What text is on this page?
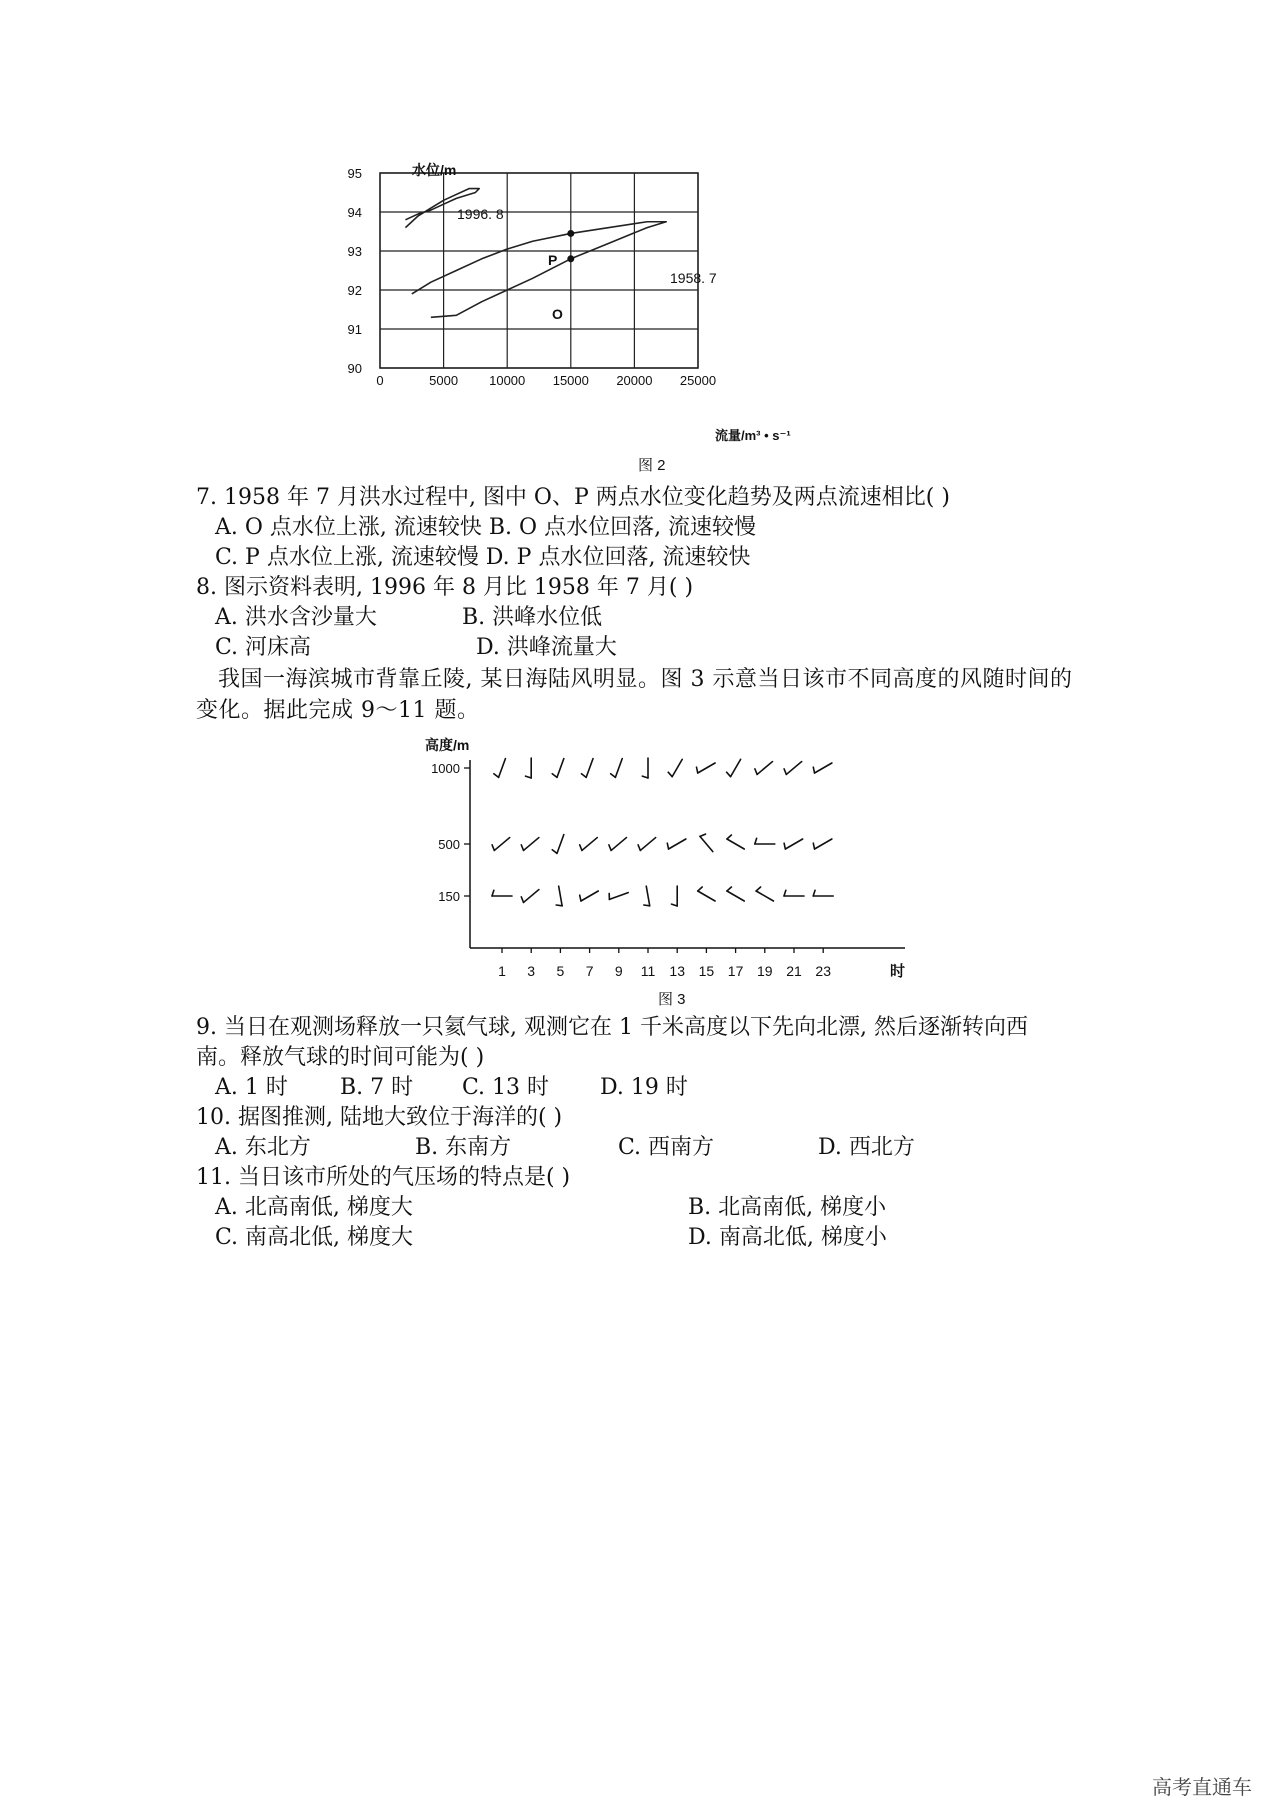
90
91
92
93
94
95
0	5000 10000 15000 20000 25000
水位/m
流量/m³ • s⁻¹
1996. 8
1958. 7
P
O
图 2
7. 1958 年 7 月洪水过程中, 图中 O、P 两点水位变化趋势及两点流速相比( )
A. O 点水位上涨, 流速较快 B. O 点水位回落, 流速较慢
C. P 点水位上涨, 流速较慢 D. P 点水位回落, 流速较快
8. 图示资料表明, 1996 年 8 月比 1958 年 7 月( )
A. 洪水含沙量大	B. 洪峰水位低
C. 河床高	D. 洪峰流量大
我国一海滨城市背靠丘陵, 某日海陆风明显。图 3 示意当日该市不同高度的风随时间的变化。据此完成 9～11 题。
高度/m
1000
500
150
1 3 5 7 9 11 13 15 17 19 21 23	时
图 3
9. 当日在观测场释放一只氦气球, 观测它在 1 千米高度以下先向北漂, 然后逐渐转向西
南。释放气球的时间可能为( )
A. 1 时 B. 7 时 C. 13 时 D. 19 时
10. 据图推测, 陆地大致位于海洋的( )
A. 东北方	B. 东南方	C. 西南方	D. 西北方
11. 当日该市所处的气压场的特点是( )
A. 北高南低, 梯度大	B. 北高南低, 梯度小
C. 南高北低, 梯度大	D. 南高北低, 梯度小
高考直通车
